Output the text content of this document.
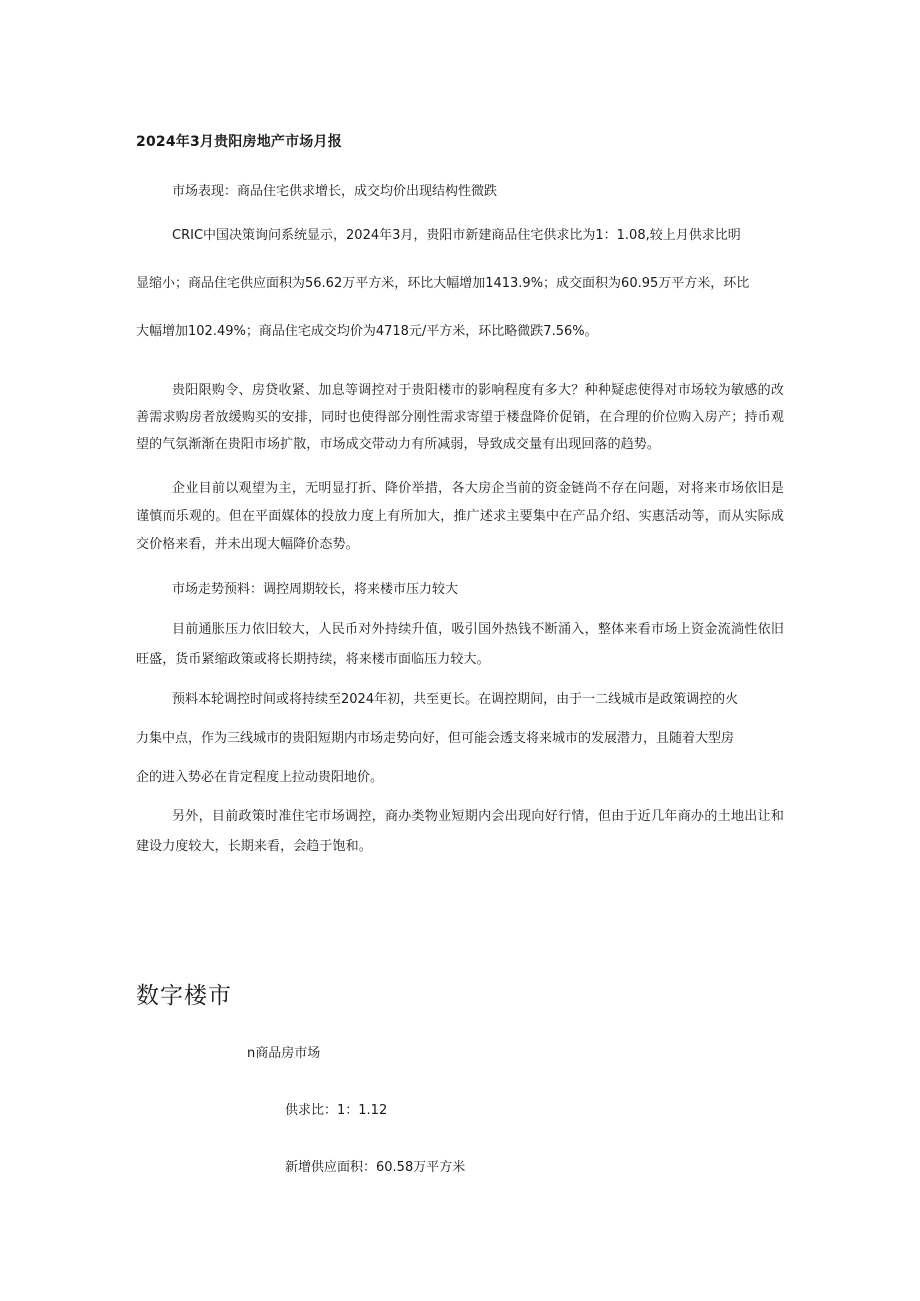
2024年3月贵阳房地产市场月报
市场表现：商品住宅供求增长，成交均价出现结构性微跌
CRIC中国决策询问系统显示，2024年3月，贵阳市新建商品住宅供求比为1：1.08,较上月供求比明
显缩小；商品住宅供应面积为56.62万平方米，环比大幅增加1413.9%；成交面积为60.95万平方米，环比
大幅增加102.49%；商品住宅成交均价为4718元/平方米，环比略微跌7.56%。
贵阳限购令、房贷收紧、加息等调控对于贵阳楼市的影响程度有多大？种种疑虑使得对市场较为敏感的改善需求购房者放缓购买的安排，同时也使得部分刚性需求寄望于楼盘降价促销，在合理的价位购入房产；持币观望的气氛渐渐在贵阳市场扩散，市场成交带动力有所减弱，导致成交量有出现回落的趋势。
企业目前以观望为主，无明显打折、降价举措，各大房企当前的资金链尚不存在问题，对将来市场依旧是谨慎而乐观的。但在平面媒体的投放力度上有所加大，推广述求主要集中在产品介绍、实惠活动等，而从实际成交价格来看，并未出现大幅降价态势。
市场走势预料：调控周期较长，将来楼市压力较大
目前通胀压力依旧较大，人民币对外持续升值，吸引国外热钱不断涌入，整体来看市场上资金流淌性依旧旺盛，货币紧缩政策或将长期持续，将来楼市面临压力较大。
预料本轮调控时间或将持续至2024年初，共至更长。在调控期间，由于一二线城市是政策调控的火
力集中点，作为三线城市的贵阳短期内市场走势向好，但可能会透支将来城市的发展潜力，且随着大型房
企的进入势必在肯定程度上拉动贵阳地价。
另外，目前政策时准住宅市场调控，商办类物业短期内会出现向好行情，但由于近几年商办的土地出让和建设力度较大，长期来看，会趋于饱和。
数字楼市
n商品房市场
供求比：1：1.12
新增供应面积：60.58万平方米
